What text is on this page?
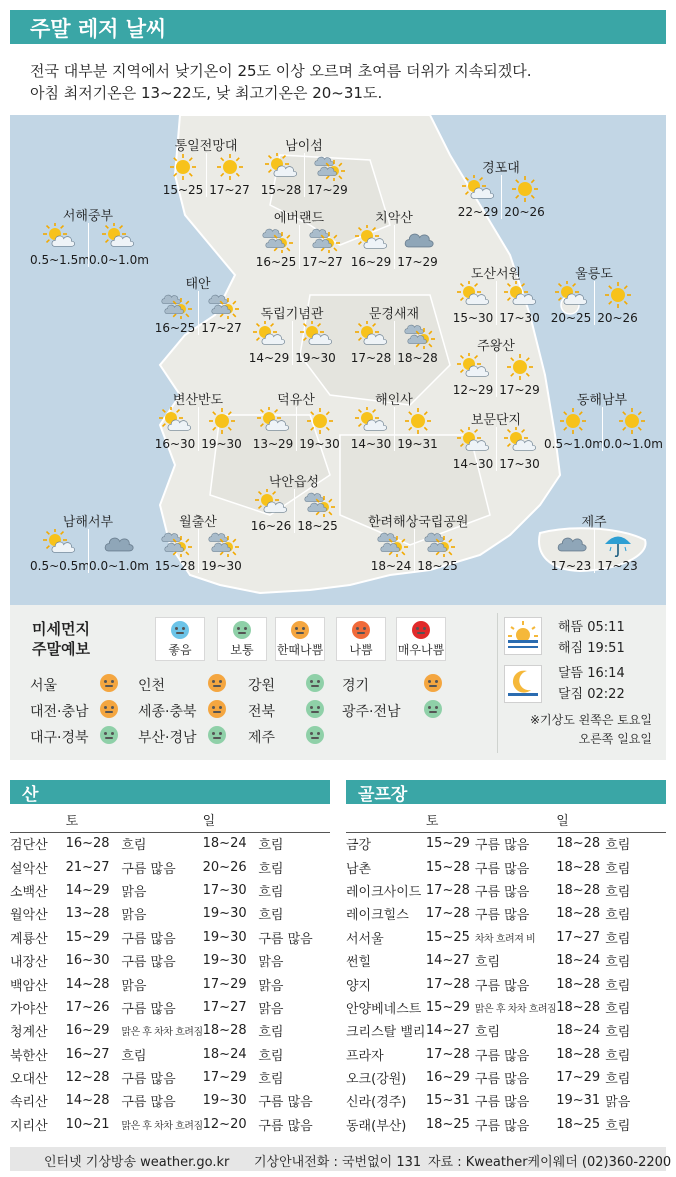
주말 레저 날씨
전국 대부분 지역에서 낮기온이 25도 이상 오르며 초여름 더위가 지속되겠다.
아침 최저기온은 13~22도, 낮 최고기온은 20~31도.
통일전망대
15~25 17~27
남이섬
15~28 17~29
경포대
22~29 20~26
서해중부
0.5~1.5m 0.0~1.0m
에버랜드
16~25 17~27
치악산
16~29 17~29
태안
16~25 17~27
도산서원
15~30 17~30
울릉도
20~25 20~26
독립기념관
14~29 19~30
문경새재
17~28 18~28
주왕산
12~29 17~29
변산반도
16~30 19~30
덕유산
13~29 19~30
해인사
14~30 19~31
동해남부
0.5~1.0m 0.0~1.0m
보문단지
14~30 17~30
낙안읍성
16~26 18~25
남해서부
0.5~0.5m 0.0~1.0m
월출산
15~28 19~30
한려해상국립공원
18~24 18~25
제주
17~23 17~23
미세먼지
주말예보	좋음	보통 한때나쁨 나쁨 매우나쁨
서울	인천	강원	경기
대전·충남	세종·충북	전북	광주·전남
대구·경북	부산·경남	제주
해뜸 05:11
해짐 19:51
달뜸 16:14
달짐 02:22
※기상도 왼쪽은 토요일
오른쪽 일요일
산	골프장
	토		일	
검단산	16~28	흐림	18~24	흐림
설악산	21~27	구름 많음	20~26	흐림
소백산	14~29	맑음	17~30	흐림
월악산	13~28	맑음	19~30	흐림
계룡산	15~29	구름 많음	19~30	구름 많음
내장산	16~30	구름 많음	19~30	맑음
백암산	14~28	맑음	17~29	맑음
가야산	17~26	구름 많음	17~27	맑음
청계산	16~29	맑은 후 차차 흐려짐	18~28	흐림
북한산	16~27	흐림	18~24	흐림
오대산	12~28	구름 많음	17~29	흐림
속리산	14~28	구름 많음	19~30	구름 많음
지리산	10~21	맑은 후 차차 흐려짐	12~20	구름 많음
	토		일	
금강	15~29	구름 많음	18~28	흐림
남촌	15~28	구름 많음	18~28	흐림
레이크사이드	17~28	구름 많음	18~28	흐림
레이크힐스	17~28	구름 많음	18~28	흐림
서서울	15~25	차차 흐려져 비	17~27	흐림
썬힐	14~27	흐림	18~24	흐림
양지	17~28	구름 많음	18~28	흐림
안양베네스트	15~29	맑은 후 차차 흐려짐	18~28	흐림
크리스탈 밸리	14~27	흐림	18~24	흐림
프라자	17~28	구름 많음	18~28	흐림
오크(강원)	16~29	구름 많음	17~29	흐림
신라(경주)	15~31	구름 많음	19~31	맑음
동래(부산)	18~25	구름 많음	18~25	흐림
인터넷 기상방송 weather.go.kr 기상안내전화 : 국번없이 131 자료 : Kweather케이웨더 (02)360-2200
